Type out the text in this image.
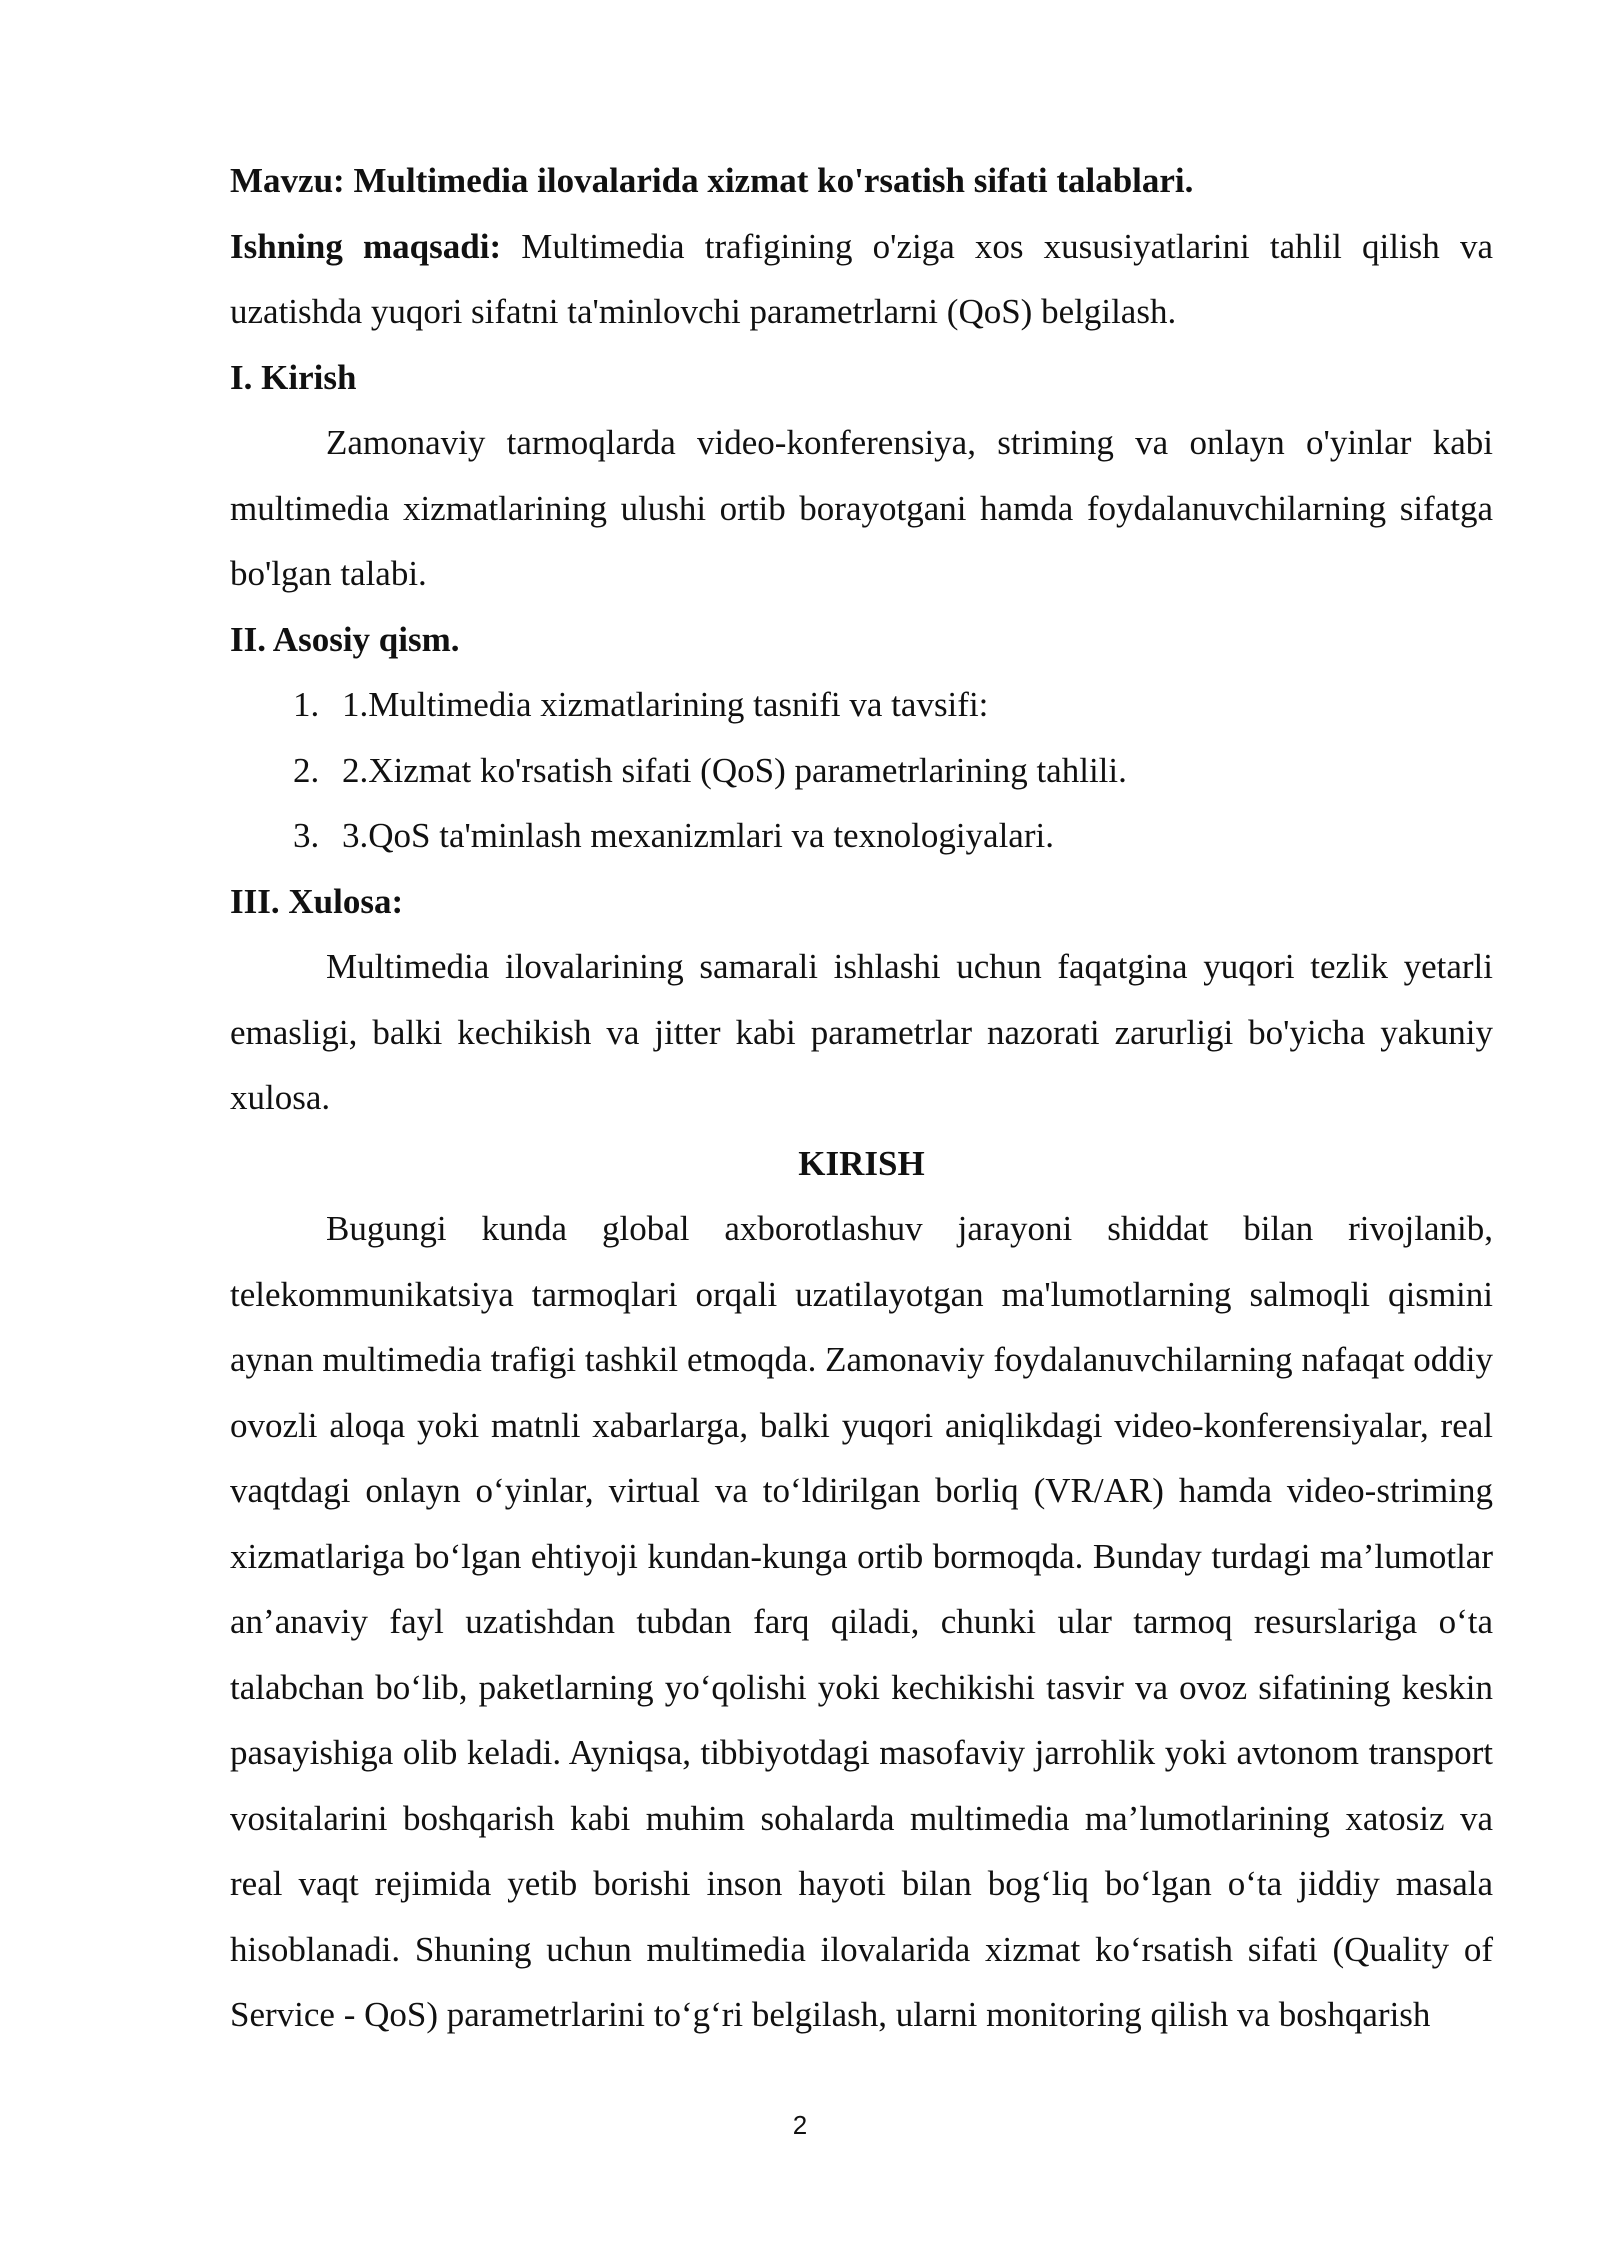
Mavzu: Multimedia ilovalarida xizmat ko'rsatish sifati talablari.

Ishning maqsadi: Multimedia trafigining o'ziga xos xususiyatlarini tahlil qilish va uzatishda yuqori sifatni ta'minlovchi parametrlarni (QoS) belgilash.

I. Kirish

Zamonaviy tarmoqlarda video-konferensiya, striming va onlayn o'yinlar kabi multimedia xizmatlarining ulushi ortib borayotgani hamda foydalanuvchilarning sifatga bo'lgan talabi.

II. Asosiy qism.

1. 1.Multimedia xizmatlarining tasnifi va tavsifi:
2. 2.Xizmat ko'rsatish sifati (QoS) parametrlarining tahlili.
3. 3.QoS ta'minlash mexanizmlari va texnologiyalari.

III. Xulosa:

Multimedia ilovalarining samarali ishlashi uchun faqatgina yuqori tezlik yetarli emasligi, balki kechikish va jitter kabi parametrlar nazorati zarurligi bo'yicha yakuniy xulosa.

KIRISH

Bugungi kunda global axborotlashuv jarayoni shiddat bilan rivojlanib, telekommunikatsiya tarmoqlari orqali uzatilayotgan ma'lumotlarning salmoqli qismini aynan multimedia trafigi tashkil etmoqda. Zamonaviy foydalanuvchilarning nafaqat oddiy ovozli aloqa yoki matnli xabarlarga, balki yuqori aniqlikdagi video-konferensiyalar, real vaqtdagi onlayn o‘yinlar, virtual va to‘ldirilgan borliq (VR/AR) hamda video-striming xizmatlariga bo‘lgan ehtiyoji kundan-kunga ortib bormoqda. Bunday turdagi ma’lumotlar an’anaviy fayl uzatishdan tubdan farq qiladi, chunki ular tarmoq resurslariga o‘ta talabchan bo‘lib, paketlarning yo‘qolishi yoki kechikishi tasvir va ovoz sifatining keskin pasayishiga olib keladi. Ayniqsa, tibbiyotdagi masofaviy jarrohlik yoki avtonom transport vositalarini boshqarish kabi muhim sohalarda multimedia ma’lumotlarining xatosiz va real vaqt rejimida yetib borishi inson hayoti bilan bog‘liq bo‘lgan o‘ta jiddiy masala hisoblanadi. Shuning uchun multimedia ilovalarida xizmat ko‘rsatish sifati (Quality of Service - QoS) parametrlarini to‘g‘ri belgilash, ularni monitoring qilish va boshqarish

2
